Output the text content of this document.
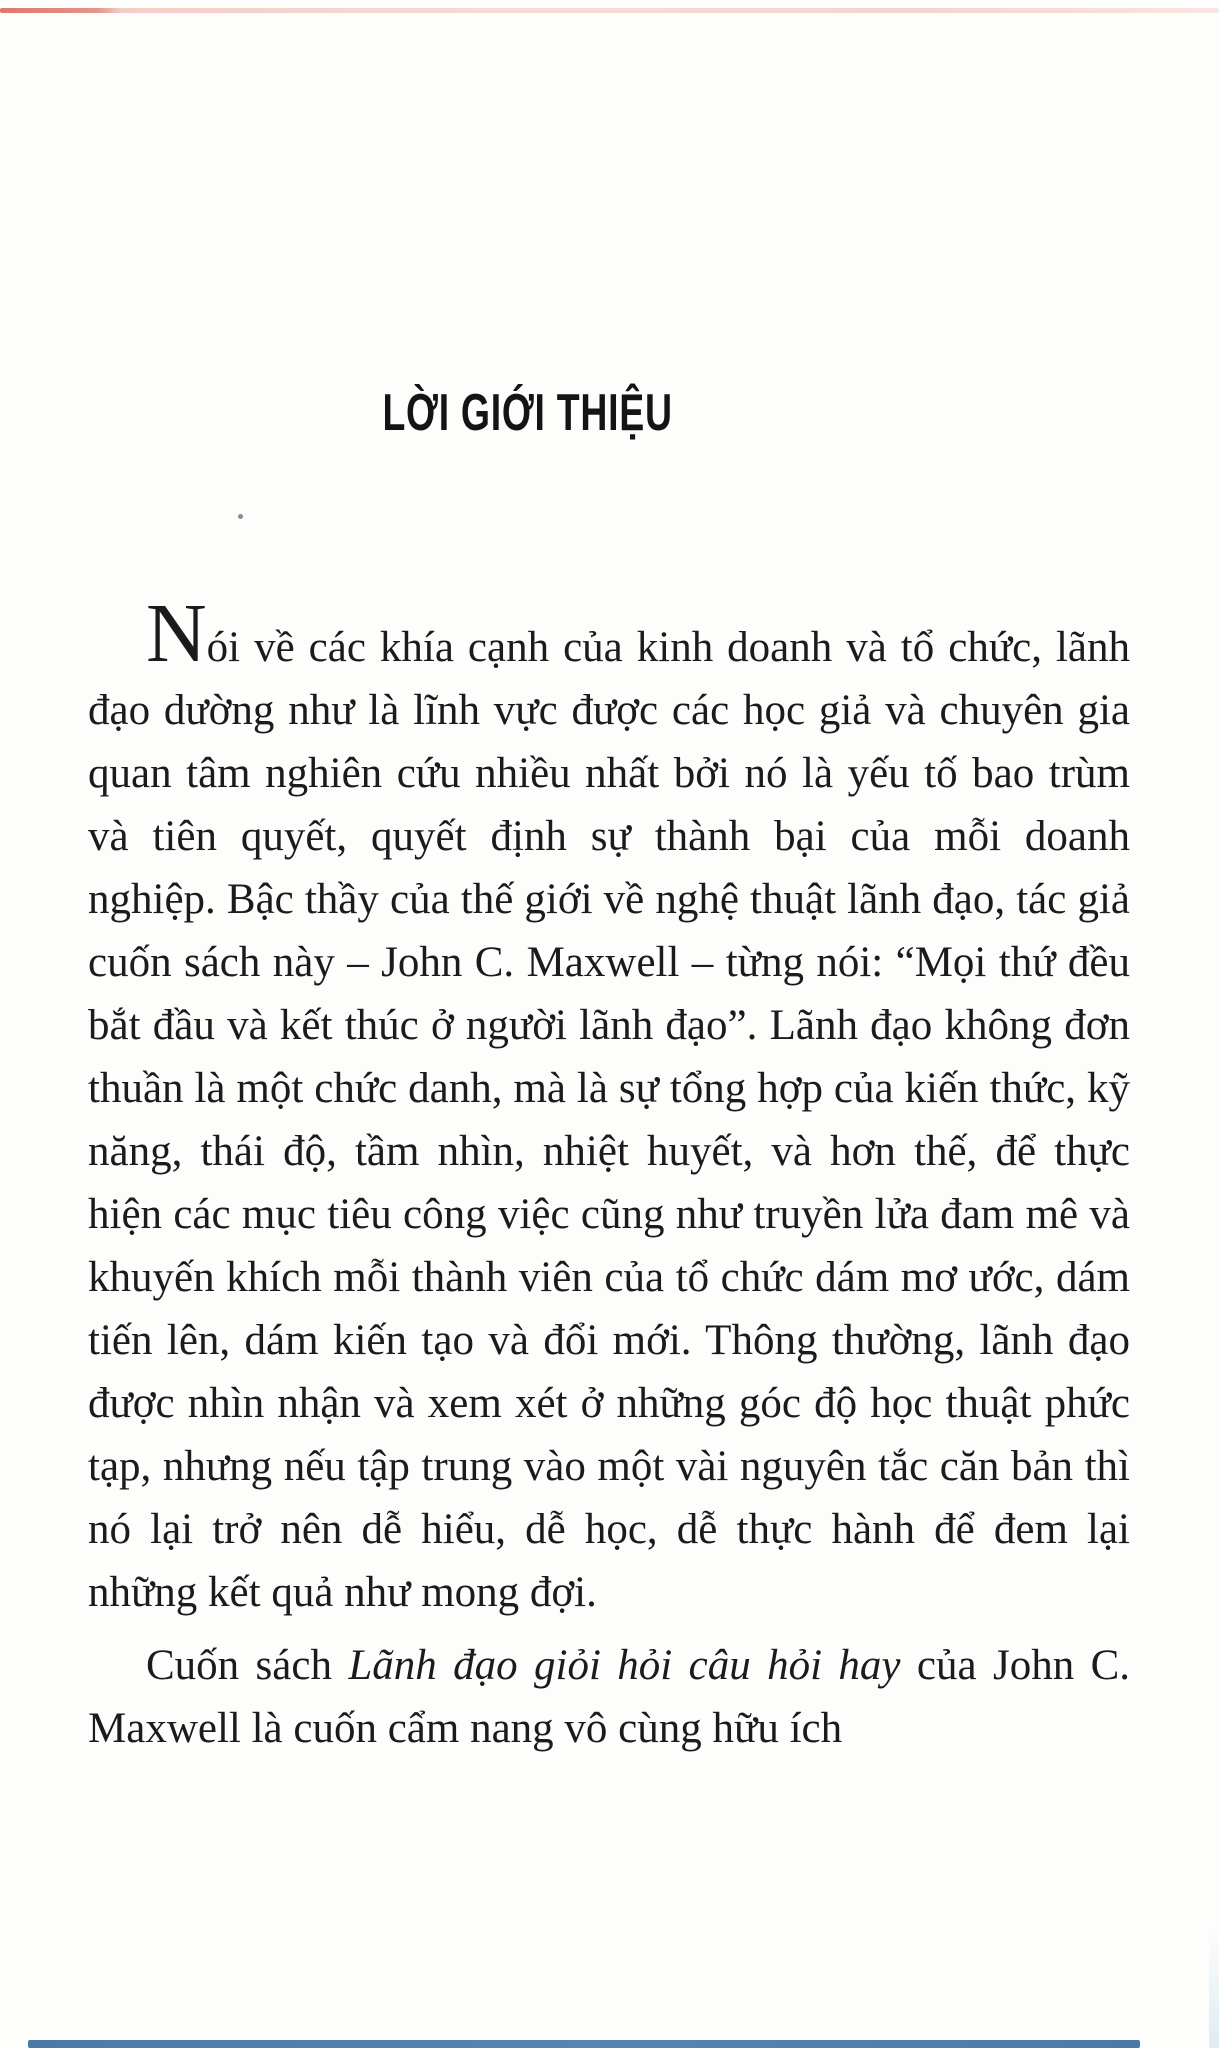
LỜI GIỚI THIỆU

Nói về các khía cạnh của kinh doanh và tổ chức, lãnh đạo dường như là lĩnh vực được các học giả và chuyên gia quan tâm nghiên cứu nhiều nhất bởi nó là yếu tố bao trùm và tiên quyết, quyết định sự thành bại của mỗi doanh nghiệp. Bậc thầy của thế giới về nghệ thuật lãnh đạo, tác giả cuốn sách này – John C. Maxwell – từng nói: “Mọi thứ đều bắt đầu và kết thúc ở người lãnh đạo”. Lãnh đạo không đơn thuần là một chức danh, mà là sự tổng hợp của kiến thức, kỹ năng, thái độ, tầm nhìn, nhiệt huyết, và hơn thế, để thực hiện các mục tiêu công việc cũng như truyền lửa đam mê và khuyến khích mỗi thành viên của tổ chức dám mơ ước, dám tiến lên, dám kiến tạo và đổi mới. Thông thường, lãnh đạo được nhìn nhận và xem xét ở những góc độ học thuật phức tạp, nhưng nếu tập trung vào một vài nguyên tắc căn bản thì nó lại trở nên dễ hiểu, dễ học, dễ thực hành để đem lại những kết quả như mong đợi.

Cuốn sách Lãnh đạo giỏi hỏi câu hỏi hay của John C. Maxwell là cuốn cẩm nang vô cùng hữu ích
